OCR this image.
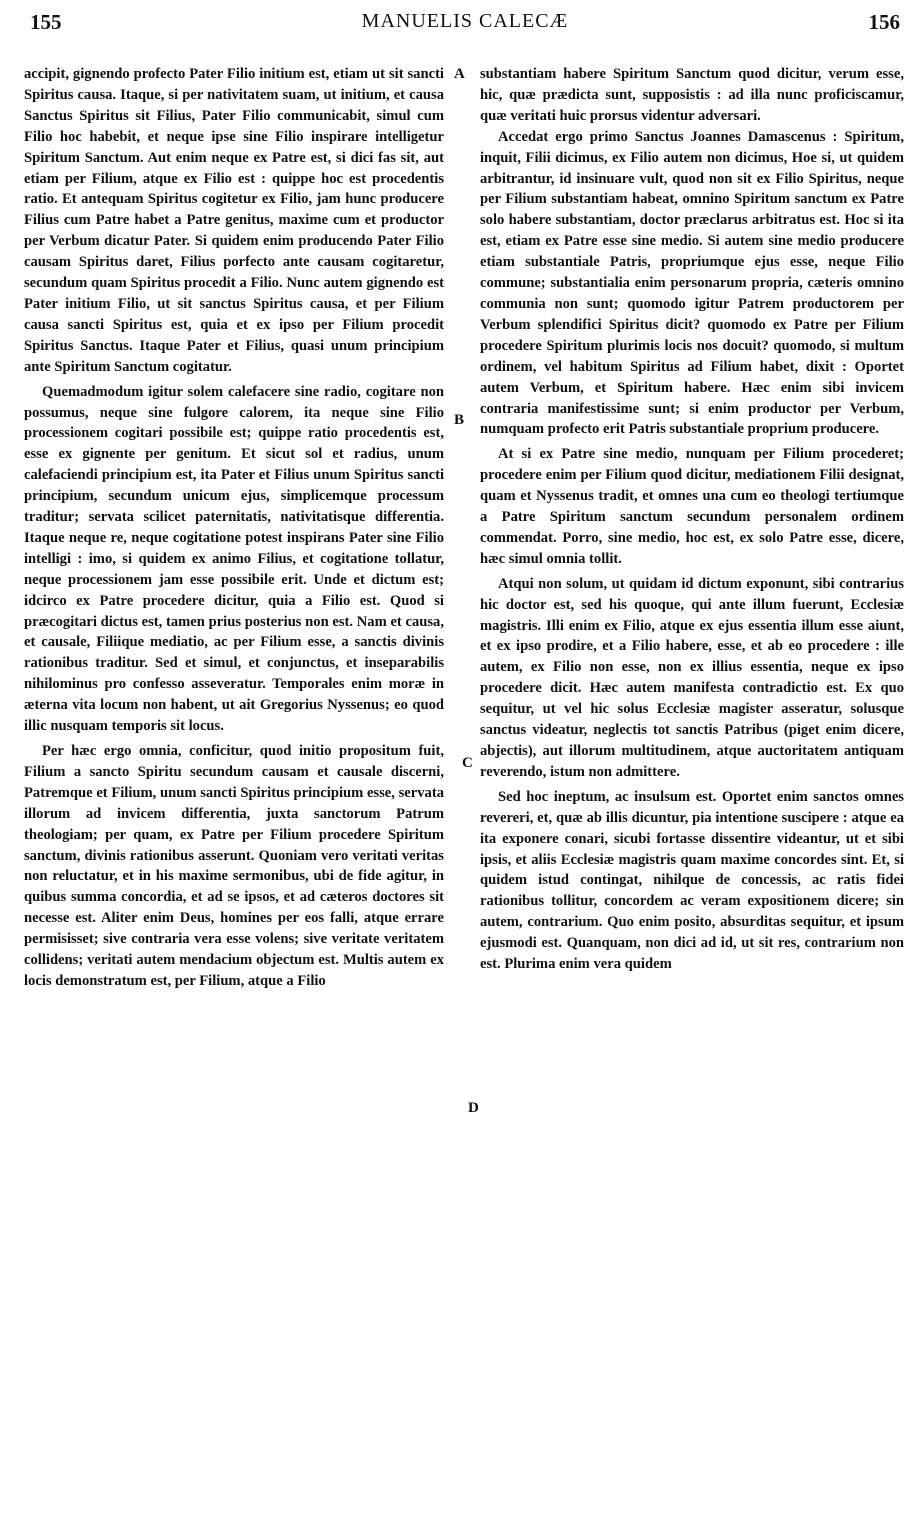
155	MANUELIS CALECÆ	156
A
B
C
D

accipit, gignendo profecto Pater Filio initium est, etiam ut sit sancti Spiritus causa. Itaque, si per nativitatem suam, ut initium, et causa Sanctus Spiritus sit Filius, Pater Filio communicabit, simul cum Filio hoc habebit, et neque ipse sine Filio inspirare intelligetur Spiritum Sanctum. Aut enim neque ex Patre est, si dici fas sit, aut etiam per Filium, atque ex Filio est : quippe hoc est procedentis ratio. Et antequam Spiritus cogitetur ex Filio, jam hunc producere Filius cum Patre habet a Patre genitus, maxime cum et productor per Verbum dicatur Pater. Si quidem enim producendo Pater Filio causam Spiritus daret, Filius porfecto ante causam cogitaretur, secundum quam Spiritus procedit a Filio. Nunc autem gignendo est Pater initium Filio, ut sit sanctus Spiritus causa, et per Filium causa sancti Spiritus est, quia et ex ipso per Filium procedit Spiritus Sanctus. Itaque Pater et Filius, quasi unum principium ante Spiritum Sanctum cogitatur.

Quemadmodum igitur solem calefacere sine radio, cogitare non possumus, neque sine fulgore calorem, ita neque sine Filio processionem cogitari possibile est; quippe ratio procedentis est, esse ex gignente per genitum. Et sicut sol et radius, unum calefaciendi principium est, ita Pater et Filius unum Spiritus sancti principium, secundum unicum ejus, simplicemque processum traditur; servata scilicet paternitatis, nativitatisque differentia. Itaque neque re, neque cogitatione potest inspirans Pater sine Filio intelligi : imo, si quidem ex animo Filius, et cogitatione tollatur, neque processionem jam esse possibile erit. Unde et dictum est; idcirco ex Patre procedere dicitur, quia a Filio est. Quod si præcogitari dictus est, tamen prius posterius non est. Nam et causa, et causale, Filiique mediatio, ac per Filium esse, a sanctis divinis rationibus traditur. Sed et simul, et conjunctus, et inseparabilis nihilominus pro confesso asseveratur. Temporales enim moræ in æterna vita locum non habent, ut ait Gregorius Nyssenus; eo quod illic nusquam temporis sit locus.

Per hæc ergo omnia, conficitur, quod initio propositum fuit, Filium a sancto Spiritu secundum causam et causale discerni, Patremque et Filium, unum sancti Spiritus principium esse, servata illorum ad invicem differentia, juxta sanctorum Patrum theologiam; per quam, ex Patre per Filium procedere Spiritum sanctum, divinis rationibus asserunt. Quoniam vero veritati veritas non reluctatur, et in his maxime sermonibus, ubi de fide agitur, in quibus summa concordia, et ad se ipsos, et ad cæteros doctores sit necesse est. Aliter enim Deus, homines per eos falli, atque errare permisisset; sive contraria vera esse volens; sive veritate veritatem collidens; veritati autem mendacium objectum est. Multis autem ex locis demonstratum est, per Filium, atque a Filio

substantiam habere Spiritum Sanctum quod dicitur, verum esse, hic, quæ prædicta sunt, supposistis : ad illa nunc proficiscamur, quæ veritati huic prorsus videntur adversari.

Accedat ergo primo Sanctus Joannes Damascenus : Spiritum, inquit, Filii dicimus, ex Filio autem non dicimus, Hoe si, ut quidem arbitrantur, id insinuare vult, quod non sit ex Filio Spiritus, neque per Filium substantiam habeat, omnino Spiritum sanctum ex Patre solo habere substantiam, doctor præclarus arbitratus est. Hoc si ita est, etiam ex Patre esse sine medio. Si autem sine medio producere etiam substantiale Patris, propriumque ejus esse, neque Filio commune; substantialia enim personarum propria, cæteris omnino communia non sunt; quomodo igitur Patrem productorem per Verbum splendifici Spiritus dicit? quomodo ex Patre per Filium procedere Spiritum plurimis locis nos docuit? quomodo, si multum ordinem, vel habitum Spiritus ad Filium habet, dixit : Oportet autem Verbum, et Spiritum habere. Hæc enim sibi invicem contraria manifestissime sunt; si enim productor per Verbum, numquam profecto erit Patris substantiale proprium producere.

At si ex Patre sine medio, nunquam per Filium procederet; procedere enim per Filium quod dicitur, mediationem Filii designat, quam et Nyssenus tradit, et omnes una cum eo theologi tertiumque a Patre Spiritum sanctum secundum personalem ordinem commendat. Porro, sine medio, hoc est, ex solo Patre esse, dicere, hæc simul omnia tollit.

Atqui non solum, ut quidam id dictum exponunt, sibi contrarius hic doctor est, sed his quoque, qui ante illum fuerunt, Ecclesiæ magistris. Illi enim ex Filio, atque ex ejus essentia illum esse aiunt, et ex ipso prodire, et a Filio habere, esse, et ab eo procedere : ille autem, ex Filio non esse, non ex illius essentia, neque ex ipso procedere dicit. Hæc autem manifesta contradictio est. Ex quo sequitur, ut vel hic solus Ecclesiæ magister asseratur, solusque sanctus videatur, neglectis tot sanctis Patribus (piget enim dicere, abjectis), aut illorum multitudinem, atque auctoritatem antiquam reverendo, istum non admittere.

Sed hoc ineptum, ac insulsum est. Oportet enim sanctos omnes revereri, et, quæ ab illis dicuntur, pia intentione suscipere : atque ea ita exponere conari, sicubi fortasse dissentire videantur, ut et sibi ipsis, et aliis Ecclesiæ magistris quam maxime concordes sint. Et, si quidem istud contingat, nihilque de concessis, ac ratis fidei rationibus tollitur, concordem ac veram expositionem dicere; sin autem, contrarium. Quo enim posito, absurditas sequitur, et ipsum ejusmodi est. Quanquam, non dici ad id, ut sit res, contrarium non est. Plurima enim vera quidem
